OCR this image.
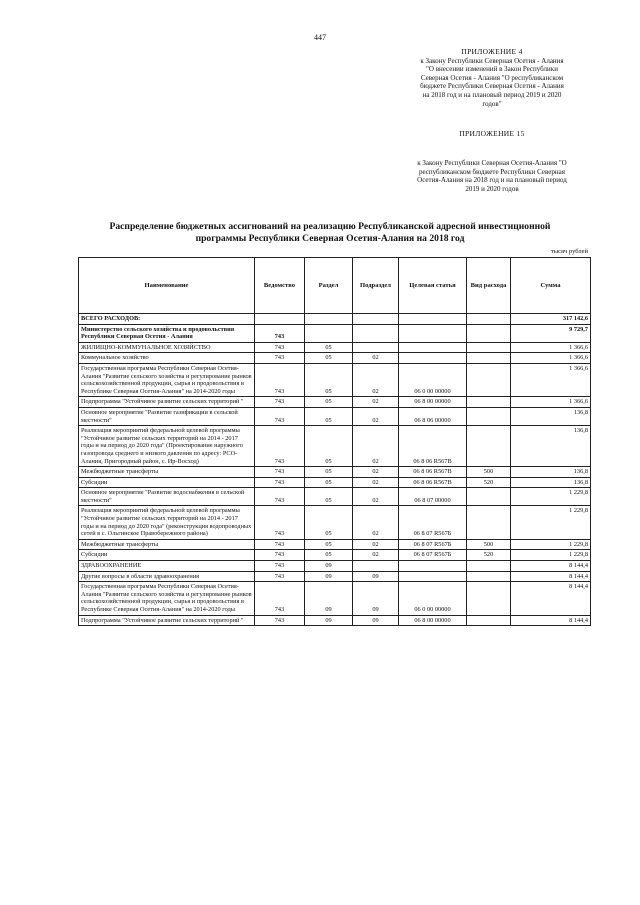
447
ПРИЛОЖЕНИЕ 4
к Закону Республики Северная Осетия - Алания
"О внесении изменений в Закон Республики
Северная Осетия - Алания "О республиканском
бюджете Республики Северная Осетия - Алания
на 2018 год и на плановый период 2019 и 2020
годов"
ПРИЛОЖЕНИЕ 15
к Закону Республики Северная Осетия-Алания "О
республиканском бюджете Республики Северная
Осетия-Алания на 2018 год и на плановый период
2019 и 2020 годов
Распределение бюджетных ассигнований на реализацию Республиканской адресной инвестиционной
программы Республики Северная Осетия-Алания на 2018 год
тысяч рублей
Наименование	Ведомство	Раздел	Подраздел	Целевая статья	Вид расхода	Сумма
ВСЕГО РАСХОДОВ:						317 142,6
Министерство сельского хозяйства и продовольствия Республики Северная Осетия - Алания	743					9 729,7
ЖИЛИЩНО-КОММУНАЛЬНОЕ ХОЗЯЙСТВО	743	05				1 366,6
Коммунальное хозяйство	743	05	02			1 366,6
Государственная программа Республики Северная Осетия-Алания "Развитие сельского хозяйства и регулирование рынков сельскохозяйственной продукции, сырья и продовольствия в Республике Северная Осетия-Алания" на 2014-2020 годы	743	05	02	06 0 00 00000		1 366,6
Подпрограмма "Устойчивое развитие сельских территорий "	743	05	02	06 8 00 00000		1 366,6
Основное мероприятие "Развитие газификации в сельской местности"	743	05	02	06 8 06 00000		136,8
Реализация мероприятий федеральной целевой программы "Устойчивое развитие сельских территорий на 2014 - 2017 годы и на период до 2020 года" (Проектирование наружного газопровода среднего и низкого давления по адресу: РСО-Алания, Пригородный район, с. Ир-Восход)	743	05	02	06 8 06 R567В		136,8
Межбюджетные трансферты	743	05	02	06 8 06 R567В	500	136,8
Субсидии	743	05	02	06 8 06 R567В	520	136,8
Основное мероприятие "Развитие водоснабжения в сельской местности"	743	05	02	06 8 07 00000		1 229,8
Реализация мероприятий федеральной целевой программы "Устойчивое развитие сельских территорий на 2014 - 2017 годы и на период до 2020 года" (реконструкция водопроводных сетей в с. Ольгинское Правобережного района)	743	05	02	06 8 07 R567Б		1 229,8
Межбюджетные трансферты	743	05	02	06 8 07 R567Б	500	1 229,8
Субсидии	743	05	02	06 8 07 R567Б	520	1 229,8
ЗДРАВООХРАНЕНИЕ	743	09				8 144,4
Другие вопросы в области здравоохранения	743	09	09			8 144,4
Государственная программа Республики Северная Осетия-Алания "Развитие сельского хозяйства и регулирование рынков сельскохозяйственной продукции, сырья и продовольствия в Республике Северная Осетия-Алания" на 2014-2020 годы	743	09	09	06 0 00 00000		8 144,4
Подпрограмма "Устойчивое развитие сельских территорий "	743	09	09	06 8 00 00000		8 144,4
